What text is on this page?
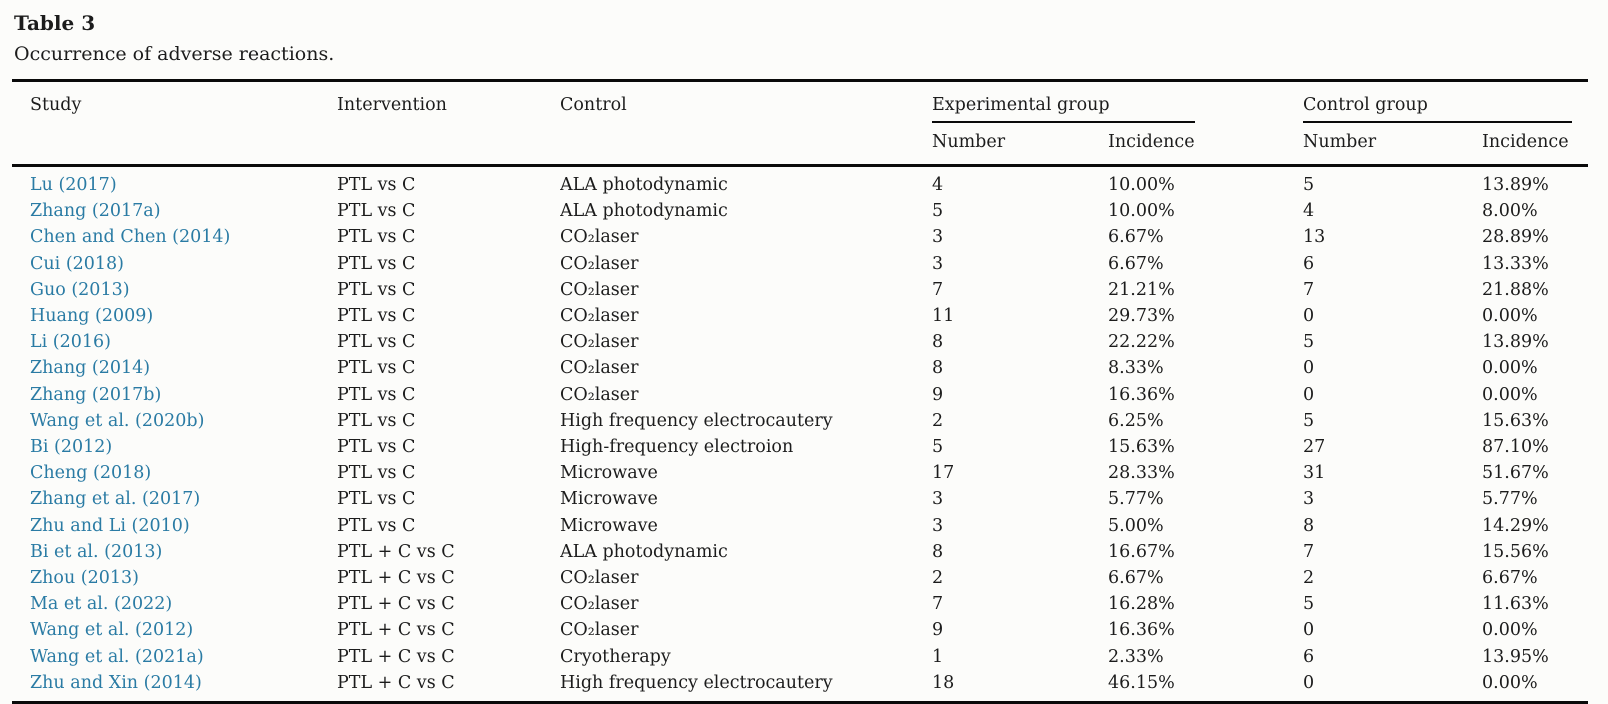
Table 3
Occurrence of adverse reactions.
Study	Intervention	Control	Experimental group		Control group	

			Number	Incidence	Number	Incidence
Lu (2017)	PTL vs C	ALA photodynamic	4	10.00%	5	13.89%
Zhang (2017a)	PTL vs C	ALA photodynamic	5	10.00%	4	8.00%
Chen and Chen (2014)	PTL vs C	CO₂laser	3	6.67%	13	28.89%
Cui (2018)	PTL vs C	CO₂laser	3	6.67%	6	13.33%
Guo (2013)	PTL vs C	CO₂laser	7	21.21%	7	21.88%
Huang (2009)	PTL vs C	CO₂laser	11	29.73%	0	0.00%
Li (2016)	PTL vs C	CO₂laser	8	22.22%	5	13.89%
Zhang (2014)	PTL vs C	CO₂laser	8	8.33%	0	0.00%
Zhang (2017b)	PTL vs C	CO₂laser	9	16.36%	0	0.00%
Wang et al. (2020b)	PTL vs C	High frequency electrocautery	2	6.25%	5	15.63%
Bi (2012)	PTL vs C	High-frequency electroion	5	15.63%	27	87.10%
Cheng (2018)	PTL vs C	Microwave	17	28.33%	31	51.67%
Zhang et al. (2017)	PTL vs C	Microwave	3	5.77%	3	5.77%
Zhu and Li (2010)	PTL vs C	Microwave	3	5.00%	8	14.29%
Bi et al. (2013)	PTL + C vs C	ALA photodynamic	8	16.67%	7	15.56%
Zhou (2013)	PTL + C vs C	CO₂laser	2	6.67%	2	6.67%
Ma et al. (2022)	PTL + C vs C	CO₂laser	7	16.28%	5	11.63%
Wang et al. (2012)	PTL + C vs C	CO₂laser	9	16.36%	0	0.00%
Wang et al. (2021a)	PTL + C vs C	Cryotherapy	1	2.33%	6	13.95%
Zhu and Xin (2014)	PTL + C vs C	High frequency electrocautery	18	46.15%	0	0.00%
